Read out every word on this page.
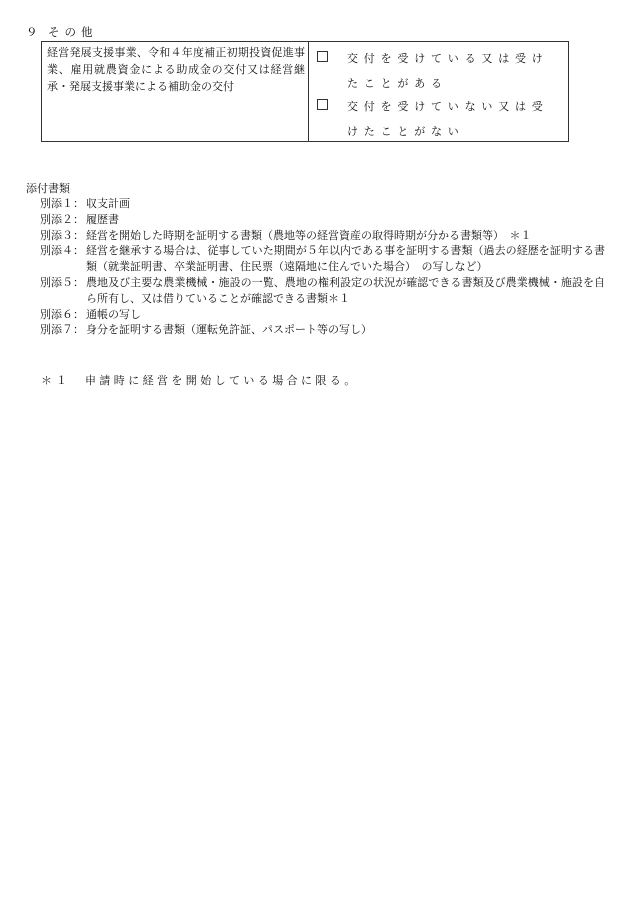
９ その他
経営発展支援事業、令和４年度補正初期投資促進事業、雇用就農資金による助成金の交付又は経営継承・発展支援事業による補助金の交付

交付を受けている又は受けたことがある
交付を受けていない又は受けたことがない
添付書類
別添１： 収支計画
別添２： 履歴書
別添３： 経営を開始した時期を証明する書類（農地等の経営資産の取得時期が分かる書類等）　＊１
別添４： 経営を継承する場合は、従事していた期間が５年以内である事を証明する書類（過去の経歴を証明する書類（就業証明書、卒業証明書、住民票（遠隔地に住んでいた場合）　の写しなど）
別添５： 農地及び主要な農業機械・施設の一覧、農地の権利設定の状況が確認できる書類及び農業機械・施設を自ら所有し、又は借りていることが確認できる書類＊１
別添６： 通帳の写し
別添７： 身分を証明する書類（運転免許証、パスポート等の写し）
＊１	申請時に経営を開始している場合に限る。
